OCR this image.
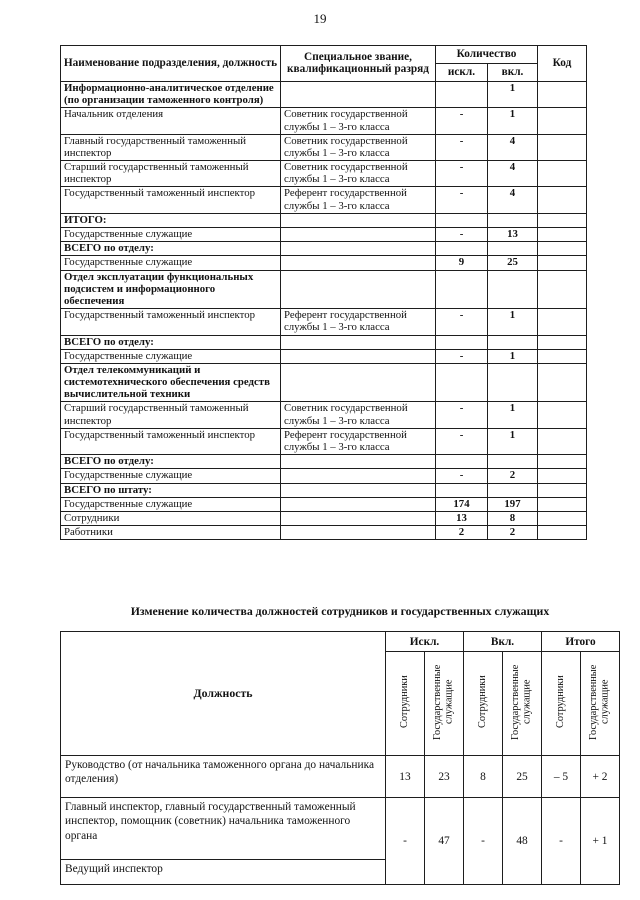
19
Наименование подразделения, должность	Специальное звание, квалификационный разряд	Количество		Код
		искл.	вкл.	
Информационно-аналитическое отделение (по организации таможенного контроля)			1	
Начальник отделения	Советник государственной службы 1 – 3-го класса	-	1	
Главный государственный таможенный инспектор	Советник государственной службы 1 – 3-го класса	-	4	
Старший государственный таможенный инспектор	Советник государственной службы 1 – 3-го класса	-	4	
Государственный таможенный инспектор	Референт государственной службы 1 – 3-го класса	-	4	
ИТОГО:				
Государственные служащие		-	13	
ВСЕГО по отделу:				
Государственные служащие		9	25	
Отдел эксплуатации функциональных подсистем и информационного обеспечения				
Государственный таможенный инспектор	Референт государственной службы 1 – 3-го класса	-	1	
ВСЕГО по отделу:				
Государственные служащие		-	1	
Отдел телекоммуникаций и системотехнического обеспечения средств вычислительной техники				
Старший государственный таможенный инспектор	Советник государственной службы 1 – 3-го класса	-	1	
Государственный таможенный инспектор	Референт государственной службы 1 – 3-го класса	-	1	
ВСЕГО по отделу:				
Государственные служащие		-	2	
ВСЕГО по штату:				
Государственные служащие		174	197	
Сотрудники		13	8	
Работники		2	2	
Изменение количества должностей сотрудников и государственных служащих
Должность	Искл.		Вкл.		Итого	
	Сотрудники	Государственные служащие	Сотрудники	Государственные служащие	Сотрудники	Государственные служащие
Руководство (от начальника таможенного органа до начальника отделения)	13	23	8	25	– 5	+ 2
Главный инспектор, главный государственный таможенный инспектор, помощник (советник) начальника таможенного органа	-	47	-	48	-	+ 1
Ведущий инспектор						
